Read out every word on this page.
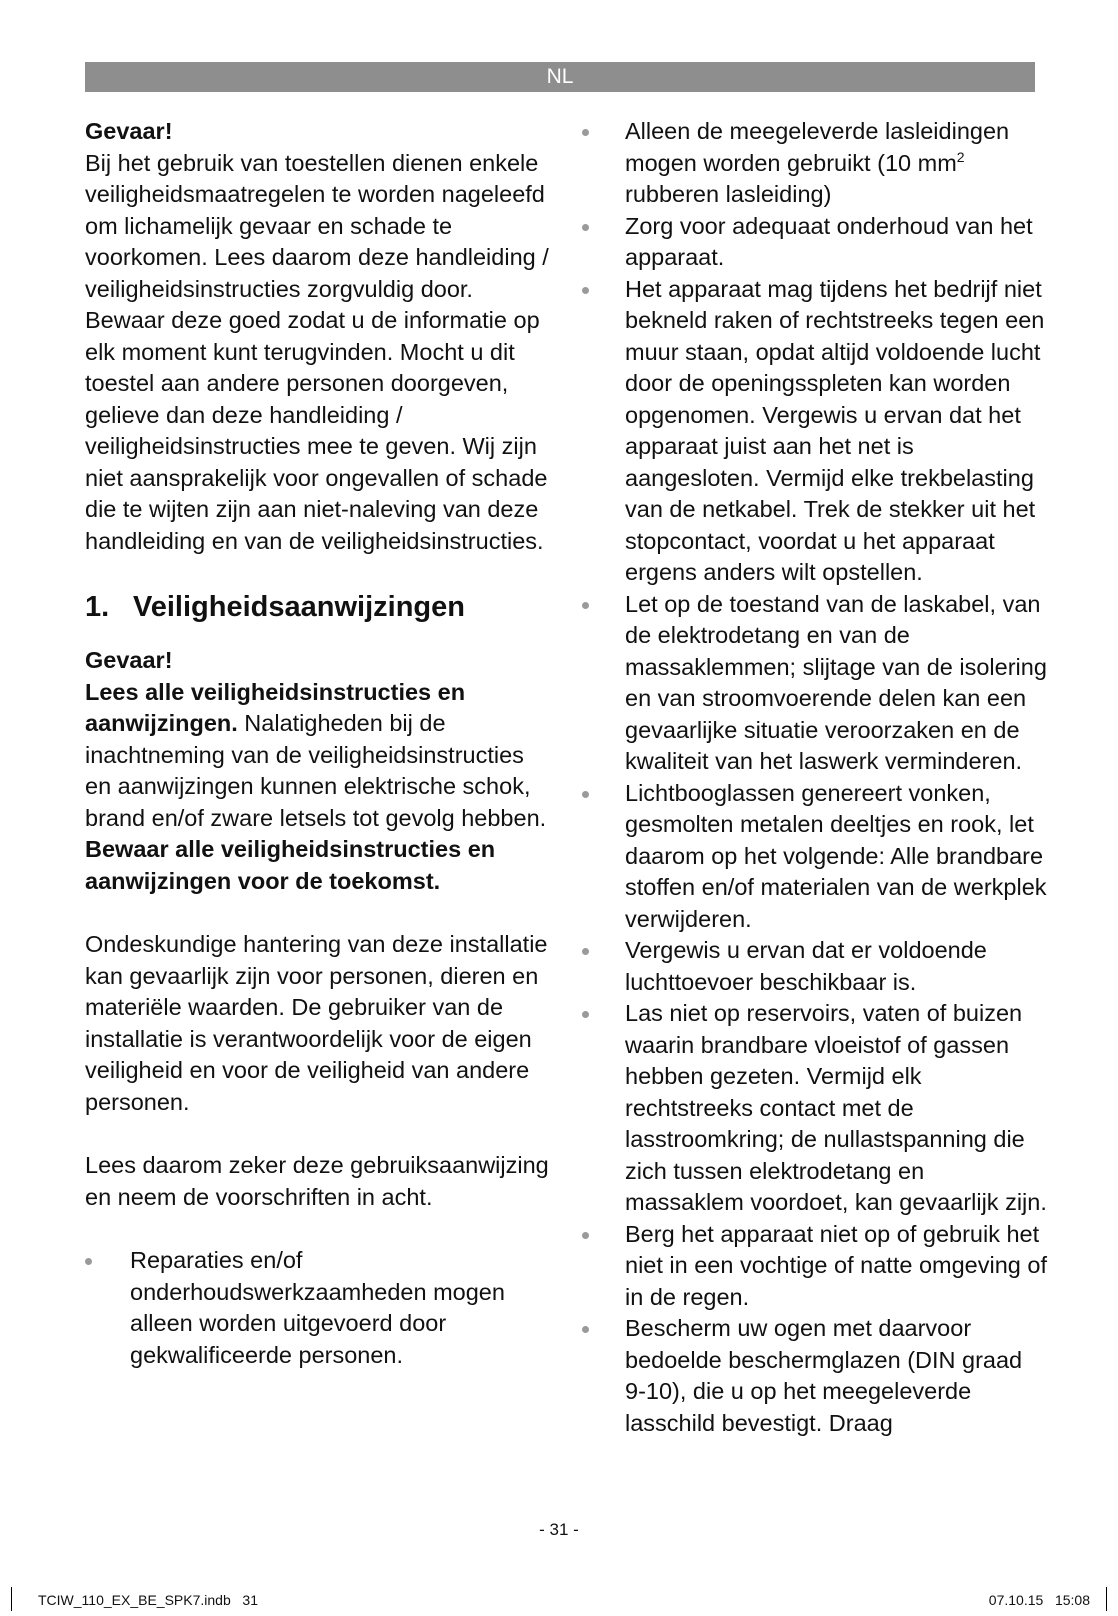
NL

Gevaar!

Bij het gebruik van toestellen dienen enkele veiligheidsmaatregelen te worden nageleefd om lichamelijk gevaar en schade te voorkomen. Lees daarom deze handleiding / veiligheidsinstructies zorgvuldig door. Bewaar deze goed zodat u de informatie op elk moment kunt terugvinden. Mocht u dit toestel aan andere personen doorgeven, gelieve dan deze handleiding / veiligheidsinstructies mee te geven. Wij zijn niet aansprakelijk voor ongevallen of schade die te wijten zijn aan niet-naleving van deze handleiding en van de veiligheidsinstructies.

1. Veiligheidsaanwijzingen

Gevaar!

Lees alle veiligheidsinstructies en aanwijzingen. Nalatigheden bij de inachtneming van de veiligheidsinstructies en aanwijzingen kunnen elektrische schok, brand en/of zware letsels tot gevolg hebben. Bewaar alle veiligheidsinstructies en aanwijzingen voor de toekomst.

Ondeskundige hantering van deze installatie kan gevaarlijk zijn voor personen, dieren en materiële waarden. De gebruiker van de installatie is verantwoordelijk voor de eigen veiligheid en voor de veiligheid van andere personen.

Lees daarom zeker deze gebruiksaanwijzing en neem de voorschriften in acht.

Reparaties en/of onderhoudswerkzaamheden mogen alleen worden uitgevoerd door gekwalificeerde personen.
Alleen de meegeleverde lasleidingen mogen worden gebruikt (10 $mm^2$ rubberen lasleiding)
Zorg voor adequaat onderhoud van het apparaat.
Het apparaat mag tijdens het bedrijf niet bekneld raken of rechtstreeks tegen een muur staan, opdat altijd voldoende lucht door de openingsspleten kan worden opgenomen. Vergewis u ervan dat het apparaat juist aan het net is aangesloten. Vermijd elke trekbelasting van de netkabel. Trek de stekker uit het stopcontact, voordat u het apparaat ergens anders wilt opstellen.
Let op de toestand van de laskabel, van de elektrodetang en van de massaklemmen; slijtage van de isolering en van stroomvoerende delen kan een gevaarlijke situatie veroorzaken en de kwaliteit van het laswerk verminderen.
Lichtbooglassen genereert vonken, gesmolten metalen deeltjes en rook, let daarom op het volgende: Alle brandbare stoffen en/of materialen van de werkplek verwijderen.
Vergewis u ervan dat er voldoende luchttoevoer beschikbaar is.
Las niet op reservoirs, vaten of buizen waarin brandbare vloeistof of gassen hebben gezeten. Vermijd elk rechtstreeks contact met de lasstroomkring; de nullastspanning die zich tussen elektrodetang en massaklem voordoet, kan gevaarlijk zijn.
Berg het apparaat niet op of gebruik het niet in een vochtige of natte omgeving of in de regen.
Bescherm uw ogen met daarvoor bedoelde beschermglazen (DIN graad 9-10), die u op het meegeleverde lasschild bevestigt. Draag
- 31 -
TCIW_110_EX_BE_SPK7.indb   31	07.10.15   15:08
